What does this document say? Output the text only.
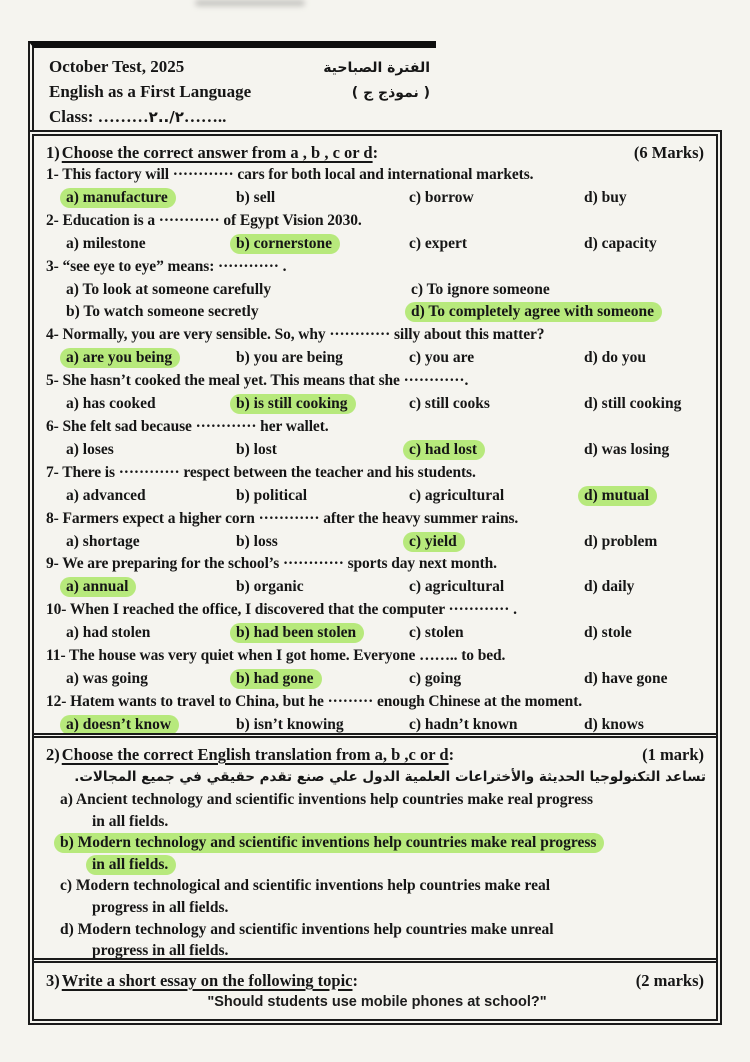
October Test, 2025	الفترة الصباحية
English as a First Language	( نموذج ج )
Class: ………٢/..٢……..
1) Choose the correct answer from a , b , c or d :	(6 Marks)
1- This factory will ············ cars for both local and international markets.
a) manufacture	b) sell	c) borrow	d) buy
2- Education is a ············ of Egypt Vision 2030.
a) milestone	b) cornerstone	c) expert	d) capacity
3- “see eye to eye” means: ············ .
a) To look at someone carefully	c) To ignore someone
b) To watch someone secretly	d) To completely agree with someone
4- Normally, you are very sensible. So, why ············ silly about this matter?
a) are you being	b) you are being	c) you are	d) do you
5- She hasn’t cooked the meal yet. This means that she ············.
a) has cooked	b) is still cooking	c) still cooks	d) still cooking
6- She felt sad because ············ her wallet.
a) loses	b) lost	c) had lost	d) was losing
7- There is ············ respect between the teacher and his students.
a) advanced	b) political	c) agricultural	d) mutual
8- Farmers expect a higher corn ············ after the heavy summer rains.
a) shortage	b) loss	c) yield	d) problem
9- We are preparing for the school’s ············ sports day next month.
a) annual	b) organic	c) agricultural	d) daily
10- When I reached the office, I discovered that the computer ············ .
a) had stolen	b) had been stolen	c) stolen	d) stole
11- The house was very quiet when I got home. Everyone …….. to bed.
a) was going	b) had gone	c) going	d) have gone
12- Hatem wants to travel to China, but he ········· enough Chinese at the moment.
a) doesn’t know	b) isn’t knowing	c) hadn’t known	d) knows
2) Choose the correct English translation from a, b ,c or d :	(1 mark)
تساعد التكنولوجيا الحديثة والأختراعات العلمية الدول علي صنع تقدم حقيقي في جميع المجالات.
a) Ancient technology and scientific inventions help countries make real progress
in all fields.
b) Modern technology and scientific inventions help countries make real progress
in all fields.
c) Modern technological and scientific inventions help countries make real
progress in all fields.
d) Modern technology and scientific inventions help countries make unreal
progress in all fields.
3) Write a short essay on the following topic :	(2 marks)
"Should students use mobile phones at school?"
